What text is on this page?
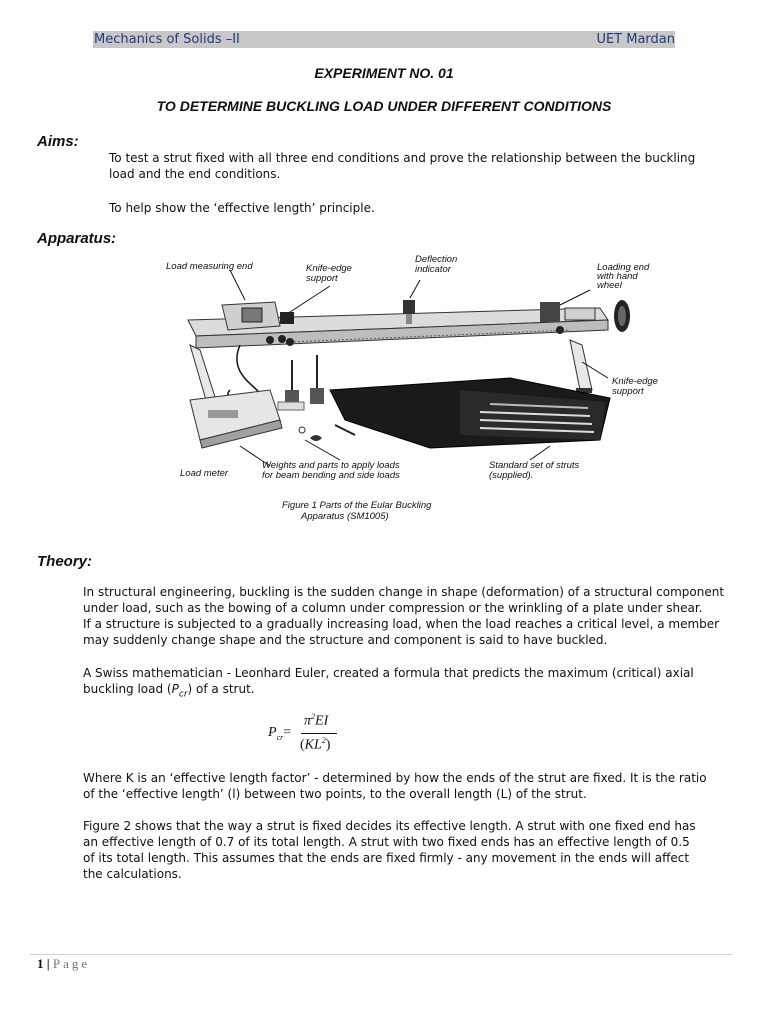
Mechanics of Solids –II	UET Mardan
EXPERIMENT NO. 01
TO DETERMINE BUCKLING LOAD UNDER DIFFERENT CONDITIONS
Aims:
To test a strut fixed with all three end conditions and prove the relationship between the buckling
load and the end conditions.
To help show the ‘effective length’ principle.
Apparatus:
Load measuring end	Knife-edge
support
Deflection
indicator	Loading end
with hand
wheel
Knife-edge
support
Load meter
Weights and parts to apply loads
for beam bending and side loads
Standard set of struts
(supplied).
Figure 1 Parts of the Eular Buckling
Apparatus (SM1005)
Theory:
In structural engineering, buckling is the sudden change in shape (deformation) of a structural component
under load, such as the bowing of a column under compression or the wrinkling of a plate under shear.
If a structure is subjected to a gradually increasing load, when the load reaches a critical level, a member
may suddenly change shape and the structure and component is said to have buckled.
A Swiss mathematician - Leonhard Euler, created a formula that predicts the maximum (critical) axial
buckling load $(P_{cr})$ of a strut.
$P_{cr}=$
$\pi^2EI$
$(KL^2)$
Where K is an ‘effective length factor’ - determined by how the ends of the strut are fixed. It is the ratio
of the ‘effective length’ (l) between two points, to the overall length (L) of the strut.
Figure 2 shows that the way a strut is fixed decides its effective length. A strut with one fixed end has
an effective length of 0.7 of its total length. A strut with two fixed ends has an effective length of 0.5
of its total length. This assumes that the ends are fixed firmly - any movement in the ends will affect
the calculations.
1 | Page
